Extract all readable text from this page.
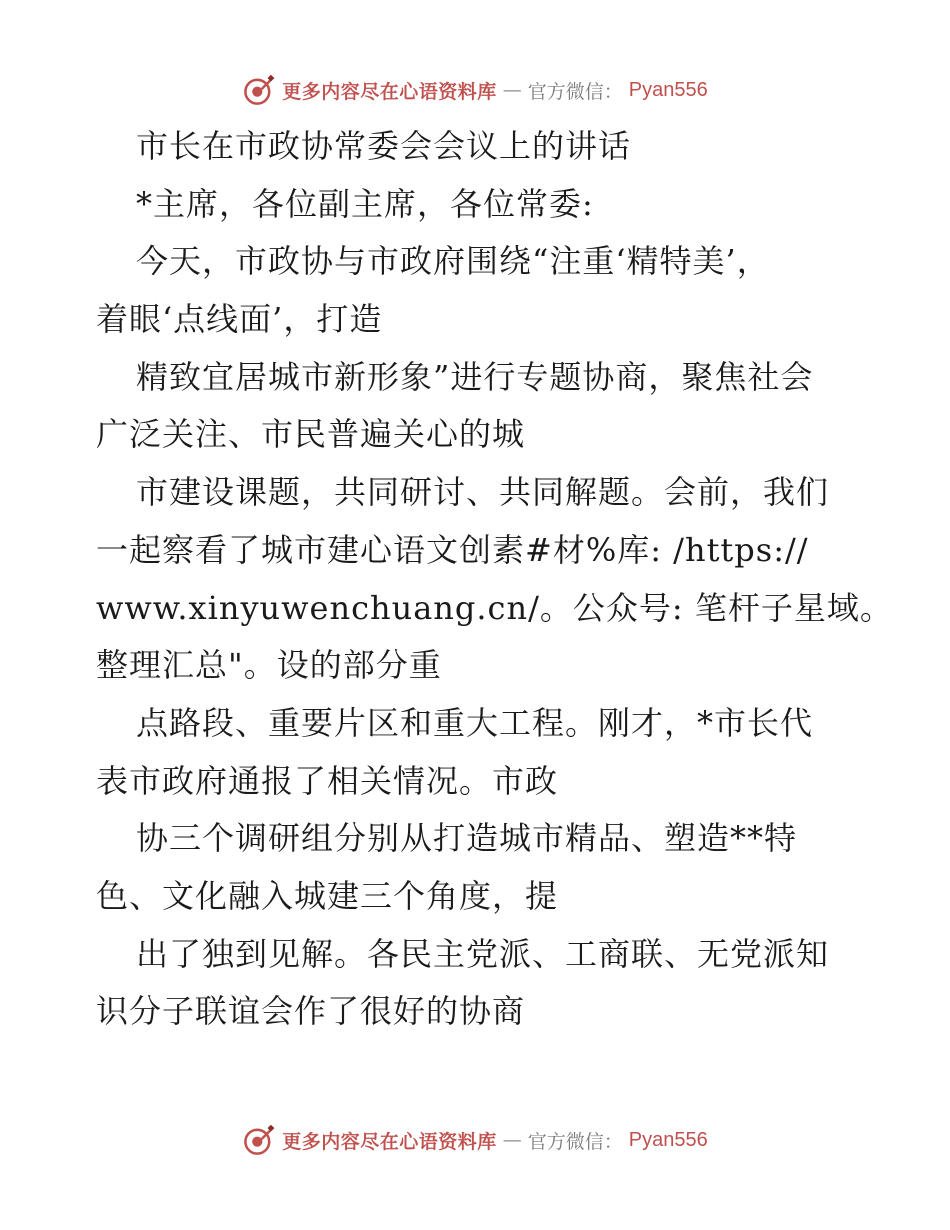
更多内容尽在心语资料库 — 官方微信： Pyan556
市长在市政协常委会会议上的讲话
*主席，各位副主席，各位常委:
今天，市政协与市政府围绕“注重‘精特美’，
着眼‘点线面’，打造
精致宜居城市新形象”进行专题协商，聚焦社会
广泛关注、市民普遍关心的城
市建设课题，共同研讨、共同解题。会前，我们
一起察看了城市建心语文创素#材%库: /https://
www.xinyuwenchuang.cn/。公众号: 笔杆子星域。
整理汇总"。设的部分重
点路段、重要片区和重大工程。刚才，*市长代
表市政府通报了相关情况。市政
协三个调研组分别从打造城市精品、塑造**特
色、文化融入城建三个角度，提
出了独到见解。各民主党派、工商联、无党派知
识分子联谊会作了很好的协商
更多内容尽在心语资料库 — 官方微信： Pyan556
